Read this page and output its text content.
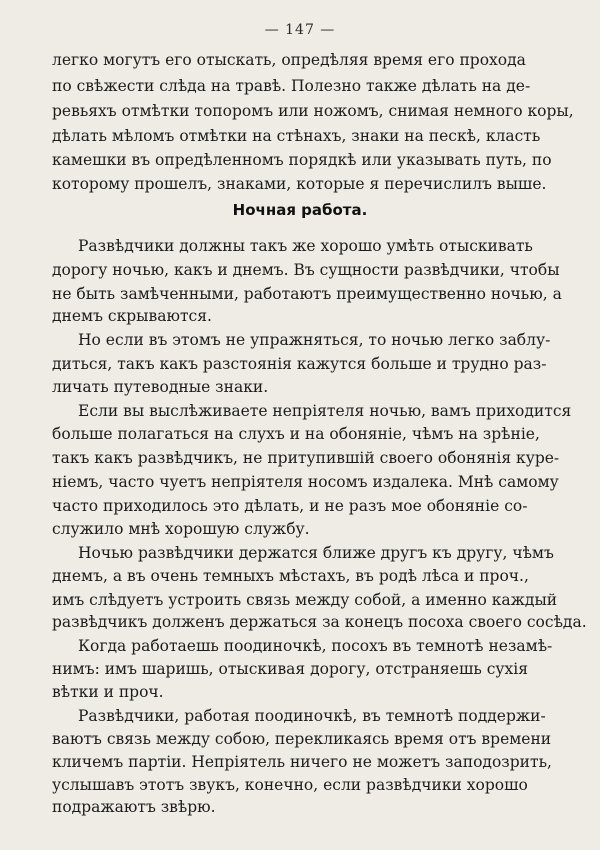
— 147 —
легко могутъ его отыскать, опредѣляя время его прохода
по свѣжести слѣда на травѣ. Полезно также дѣлать на де-
ревьяхъ отмѣтки топоромъ или ножомъ, снимая немного коры,
дѣлать мѣломъ отмѣтки на стѣнахъ, знаки на пескѣ, класть
камешки въ опредѣленномъ порядкѣ или указывать путь, по
которому прошелъ, знаками, которые я перечислилъ выше.
Ночная работа.
Развѣдчики должны такъ же хорошо умѣть отыскивать
дорогу ночью, какъ и днемъ. Въ сущности развѣдчики, чтобы
не быть замѣченными, работаютъ преимущественно ночью, а
днемъ скрываются.
Но если въ этомъ не упражняться, то ночью легко заблу-
диться, такъ какъ разстоянія кажутся больше и трудно раз-
личать путеводные знаки.
Если вы выслѣживаете непріятеля ночью, вамъ приходится
больше полагаться на слухъ и на обоняніе, чѣмъ на зрѣніе,
такъ какъ развѣдчикъ, не притупившій своего обонянія куре-
ніемъ, часто чуетъ непріятеля носомъ издалека. Мнѣ самому
часто приходилось это дѣлать, и не разъ мое обоняніе со-
служило мнѣ хорошую службу.
Ночью развѣдчики держатся ближе другъ къ другу, чѣмъ
днемъ, а въ очень темныхъ мѣстахъ, въ родѣ лѣса и проч.,
имъ слѣдуетъ устроить связь между собой, а именно каждый
развѣдчикъ долженъ держаться за конецъ посоха своего сосѣда.
Когда работаешь поодиночкѣ, посохъ въ темнотѣ незамѣ-
нимъ: имъ шаришь, отыскивая дорогу, отстраняешь сухія
вѣтки и проч.
Развѣдчики, работая поодиночкѣ, въ темнотѣ поддержи-
ваютъ связь между собою, перекликаясь время отъ времени
кличемъ партіи. Непріятель ничего не можетъ заподозрить,
услышавъ этотъ звукъ, конечно, если развѣдчики хорошо
подражаютъ звѣрю.
